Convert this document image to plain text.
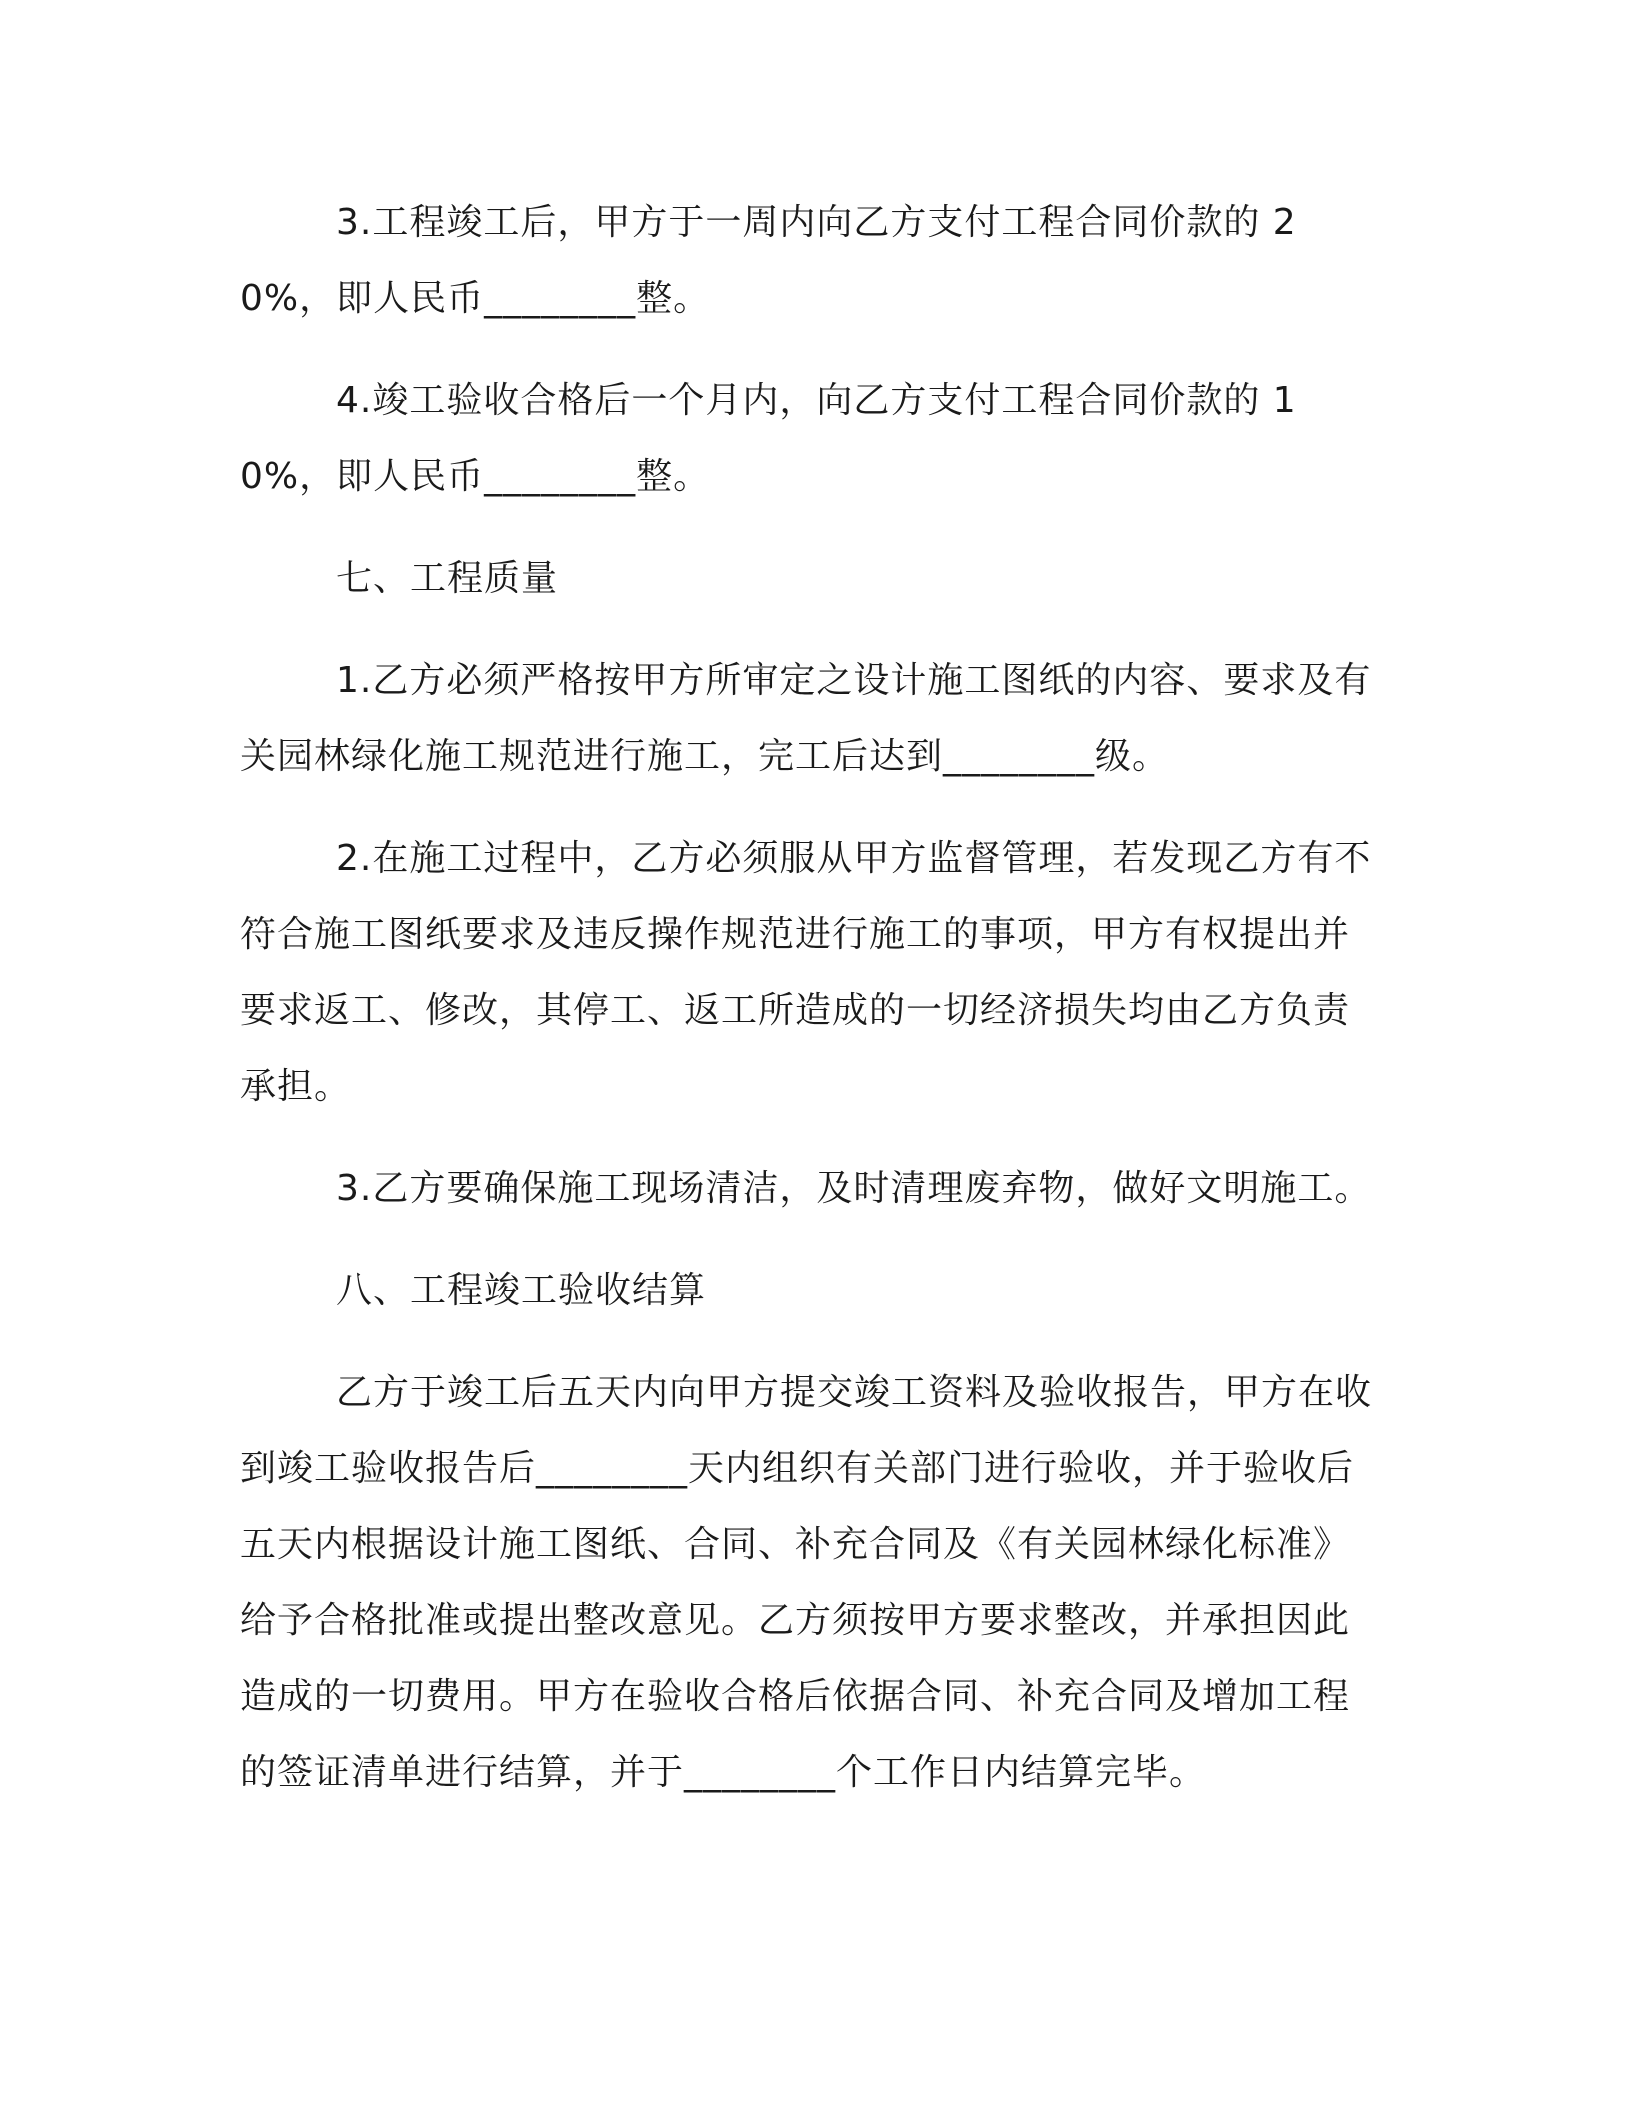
3.工程竣工后，甲方于一周内向乙方支付工程合同价款的 20%，即人民币________整。

4.竣工验收合格后一个月内，向乙方支付工程合同价款的 10%，即人民币________整。

七、工程质量

1.乙方必须严格按甲方所审定之设计施工图纸的内容、要求及有关园林绿化施工规范进行施工，完工后达到________级。

2.在施工过程中，乙方必须服从甲方监督管理，若发现乙方有不符合施工图纸要求及违反操作规范进行施工的事项，甲方有权提出并要求返工、修改，其停工、返工所造成的一切经济损失均由乙方负责承担。

3.乙方要确保施工现场清洁，及时清理废弃物，做好文明施工。

八、工程竣工验收结算

乙方于竣工后五天内向甲方提交竣工资料及验收报告，甲方在收到竣工验收报告后________天内组织有关部门进行验收，并于验收后五天内根据设计施工图纸、合同、补充合同及《有关园林绿化标准》给予合格批准或提出整改意见。乙方须按甲方要求整改，并承担因此造成的一切费用。甲方在验收合格后依据合同、补充合同及增加工程的签证清单进行结算，并于________个工作日内结算完毕。
